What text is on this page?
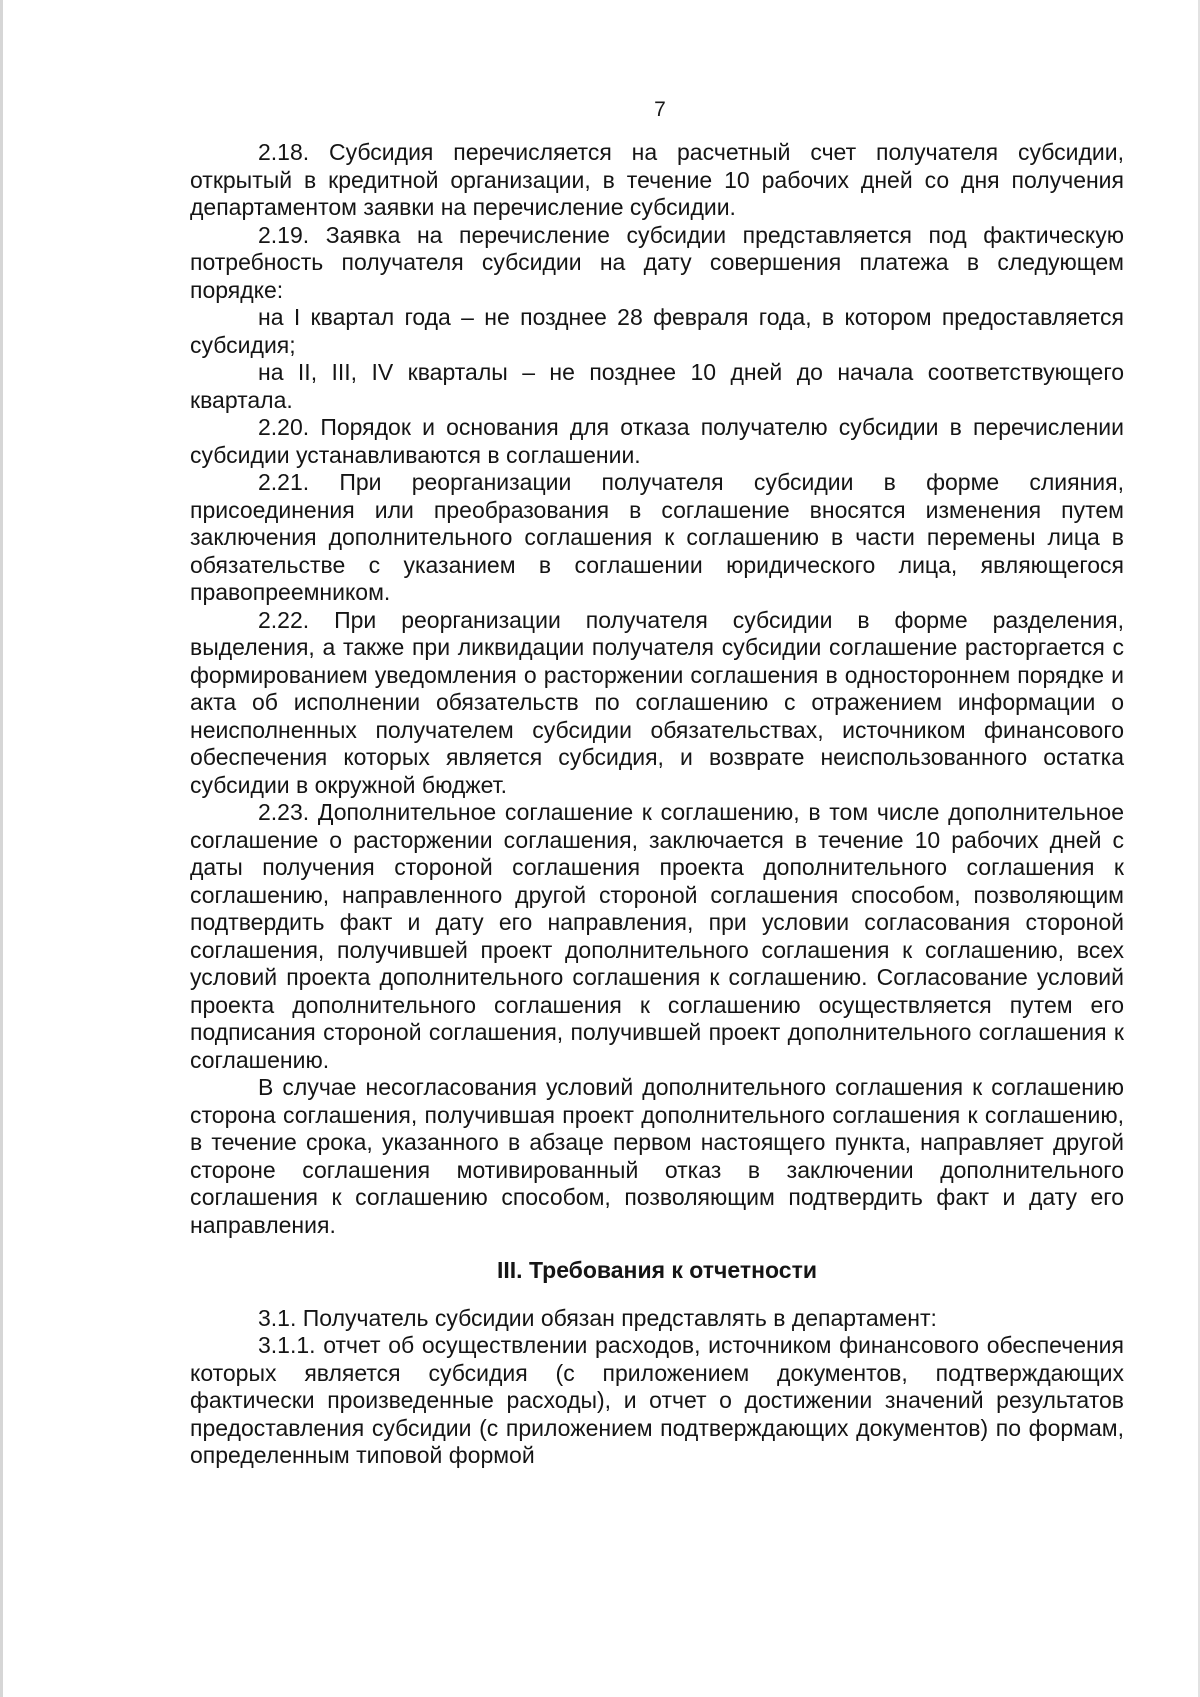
7

2.18. Субсидия перечисляется на расчетный счет получателя субсидии, открытый в кредитной организации, в течение 10 рабочих дней со дня получения департаментом заявки на перечисление субсидии.

2.19. Заявка на перечисление субсидии представляется под фактическую потребность получателя субсидии на дату совершения платежа в следующем порядке:

на I квартал года – не позднее 28 февраля года, в котором предоставляется субсидия;

на II, III, IV кварталы – не позднее 10 дней до начала соответствующего квартала.

2.20. Порядок и основания для отказа получателю субсидии в перечислении субсидии устанавливаются в соглашении.

2.21. При реорганизации получателя субсидии в форме слияния, присоединения или преобразования в соглашение вносятся изменения путем заключения дополнительного соглашения к соглашению в части перемены лица в обязательстве с указанием в соглашении юридического лица, являющегося правопреемником.

2.22. При реорганизации получателя субсидии в форме разделения, выделения, а также при ликвидации получателя субсидии соглашение расторгается с формированием уведомления о расторжении соглашения в одностороннем порядке и акта об исполнении обязательств по соглашению с отражением информации о неисполненных получателем субсидии обязательствах, источником финансового обеспечения которых является субсидия, и возврате неиспользованного остатка субсидии в окружной бюджет.

2.23. Дополнительное соглашение к соглашению, в том числе дополнительное соглашение о расторжении соглашения, заключается в течение 10 рабочих дней с даты получения стороной соглашения проекта дополнительного соглашения к соглашению, направленного другой стороной соглашения способом, позволяющим подтвердить факт и дату его направления, при условии согласования стороной соглашения, получившей проект дополнительного соглашения к соглашению, всех условий проекта дополнительного соглашения к соглашению. Согласование условий проекта дополнительного соглашения к соглашению осуществляется путем его подписания стороной соглашения, получившей проект дополнительного соглашения к соглашению.

В случае несогласования условий дополнительного соглашения к соглашению сторона соглашения, получившая проект дополнительного соглашения к соглашению, в течение срока, указанного в абзаце первом настоящего пункта, направляет другой стороне соглашения мотивированный отказ в заключении дополнительного соглашения к соглашению способом, позволяющим подтвердить факт и дату его направления.

III. Требования к отчетности

3.1. Получатель субсидии обязан представлять в департамент:

3.1.1. отчет об осуществлении расходов, источником финансового обеспечения которых является субсидия (с приложением документов, подтверждающих фактически произведенные расходы), и отчет о достижении значений результатов предоставления субсидии (с приложением подтверждающих документов) по формам, определенным типовой формой
